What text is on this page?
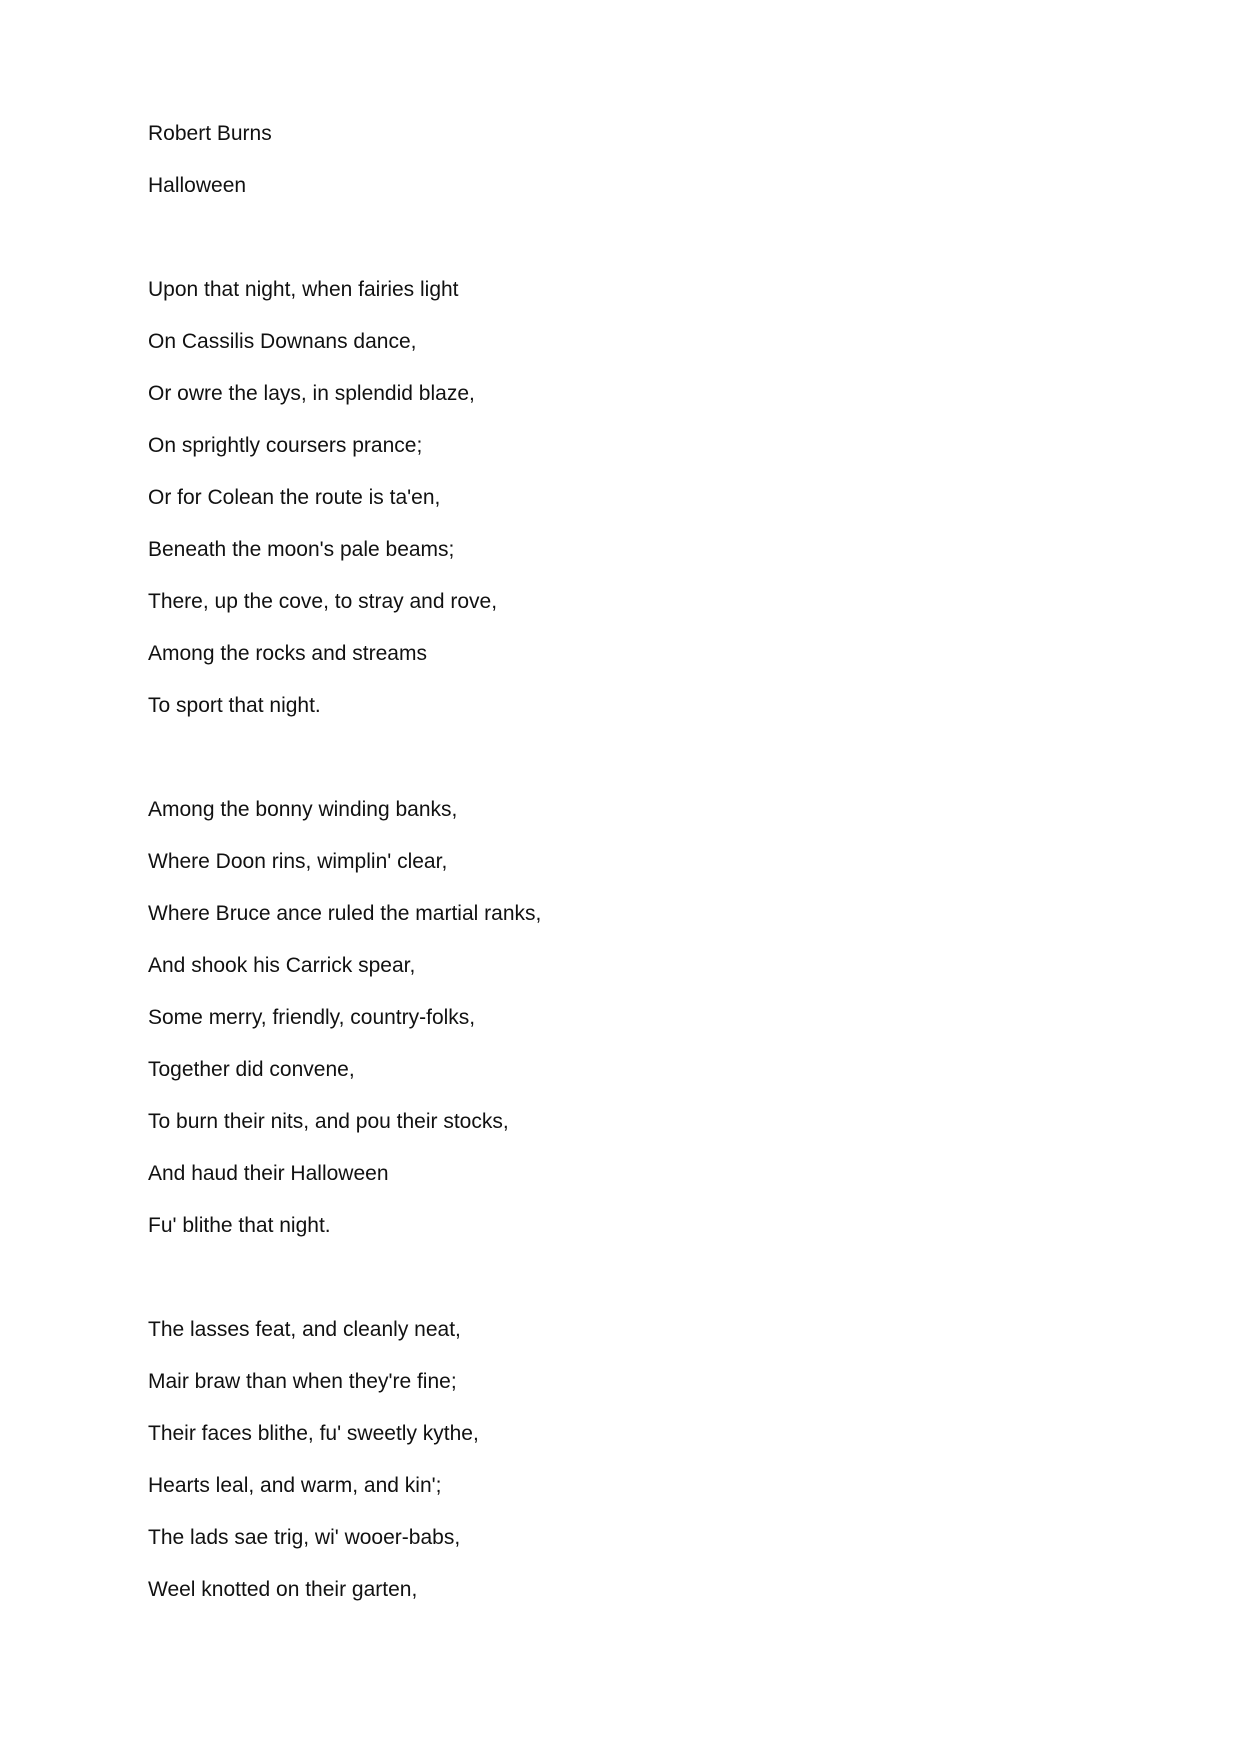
Robert Burns
Halloween
Upon that night, when fairies light
On Cassilis Downans dance,
Or owre the lays, in splendid blaze,
On sprightly coursers prance;
Or for Colean the route is ta'en,
Beneath the moon's pale beams;
There, up the cove, to stray and rove,
Among the rocks and streams
To sport that night.
Among the bonny winding banks,
Where Doon rins, wimplin' clear,
Where Bruce ance ruled the martial ranks,
And shook his Carrick spear,
Some merry, friendly, country-folks,
Together did convene,
To burn their nits, and pou their stocks,
And haud their Halloween
Fu' blithe that night.
The lasses feat, and cleanly neat,
Mair braw than when they're fine;
Their faces blithe, fu' sweetly kythe,
Hearts leal, and warm, and kin';
The lads sae trig, wi' wooer-babs,
Weel knotted on their garten,
